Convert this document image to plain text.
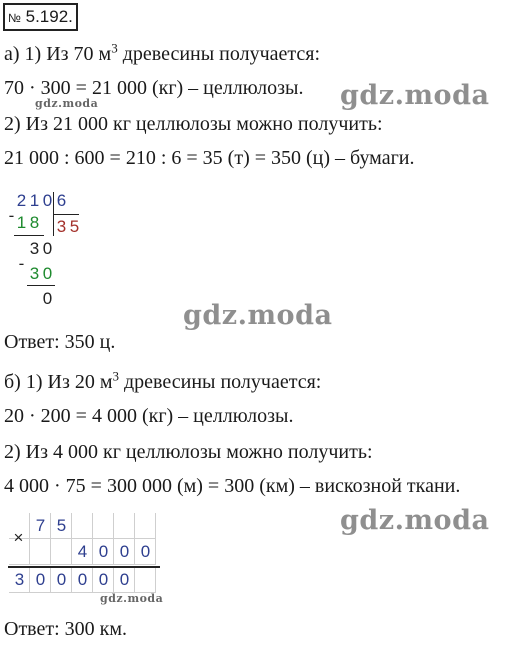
№ 5.192.
а) 1) Из 70 $м^3$ древесины получается:
70 · 300 = 21 000 (кг) – целлюлозы.
gdz.moda	gdz.moda
2) Из 21 000 кг целлюлозы можно получить:
21 000 : 600 = 210 : 6 = 35 (т) = 350 (ц) – бумаги.
-
2 1 0 6
1 8 3 5
3 0
-
3 0
0
gdz.moda
Ответ: 350 ц.
б) 1) Из 20 $м^3$ древесины получается:
20 · 200 = 4 000 (кг) – целлюлозы.
2) Из 4 000 кг целлюлозы можно получить:
4 000 · 75 = 300 000 (м) = 300 (км) – вискозной ткани.
×
7 5
4 0 0 0
3 0 0 0 0 0
gdz.moda
gdz.moda
Ответ: 300 км.
